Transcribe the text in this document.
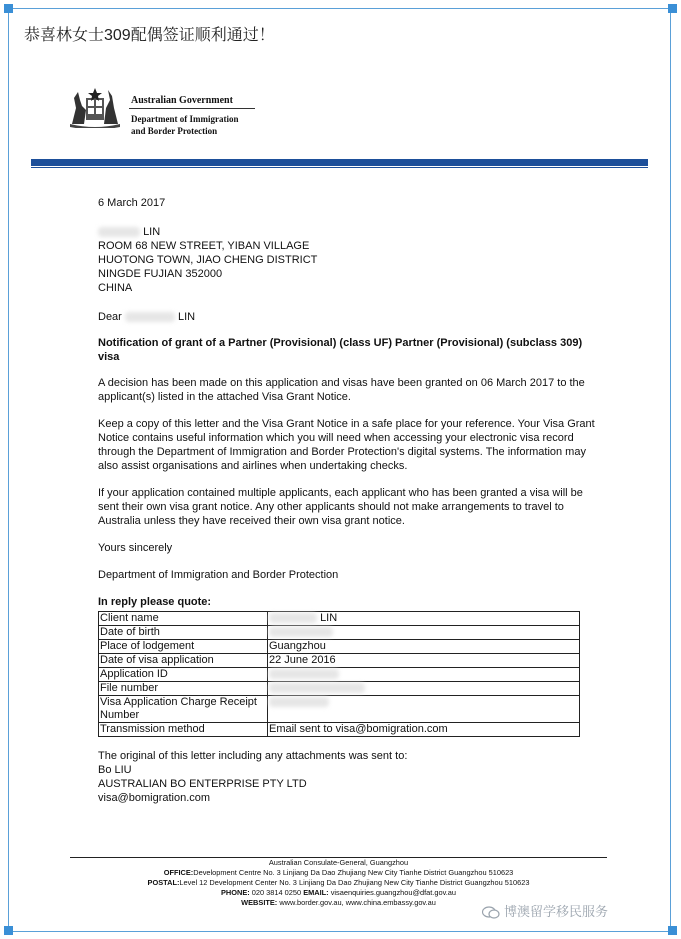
恭喜林女士309配偶签证顺利通过！
Australian Government
Department of Immigration
and Border Protection

6 March 2017

LIN

ROOM 68 NEW STREET, YIBAN VILLAGE

HUOTONG TOWN, JIAO CHENG DISTRICT

NINGDE FUJIAN 352000

CHINA

Dear	LIN

Notification of grant of a Partner (Provisional) (class UF) Partner (Provisional) (subclass 309) visa

A decision has been made on this application and visas have been granted on 06 March 2017 to the applicant(s) listed in the attached Visa Grant Notice.

Keep a copy of this letter and the Visa Grant Notice in a safe place for your reference. Your Visa Grant Notice contains useful information which you will need when accessing your electronic visa record through the Department of Immigration and Border Protection's digital systems. The information may also assist organisations and airlines when undertaking checks.

If your application contained multiple applicants, each applicant who has been granted a visa will be sent their own visa grant notice. Any other applicants should not make arrangements to travel to Australia unless they have received their own visa grant notice.

Yours sincerely

Department of Immigration and Border Protection

In reply please quote:

Client name	LIN
Date of birth	
Place of lodgement	Guangzhou
Date of visa application	22 June 2016
Application ID	
File number	
Visa Application Charge Receipt Number	
Transmission method	Email sent to visa@bomigration.com

The original of this letter including any attachments was sent to:

Bo LIU

AUSTRALIAN BO ENTERPRISE PTY LTD

visa@bomigration.com

Australian Consulate-General, Guangzhou
OFFICE:Development Centre No. 3 Linjiang Da Dao Zhujiang New City Tianhe District Guangzhou 510623
POSTAL:Level 12 Development Center No. 3 Linjiang Da Dao Zhujiang New City Tianhe District Guangzhou 510623
PHONE: 020 3814 0250 EMAIL: visaenquiries.guangzhou@dfat.gov.au
WEBSITE: www.border.gov.au, www.china.embassy.gov.au
博澳留学移民服务
